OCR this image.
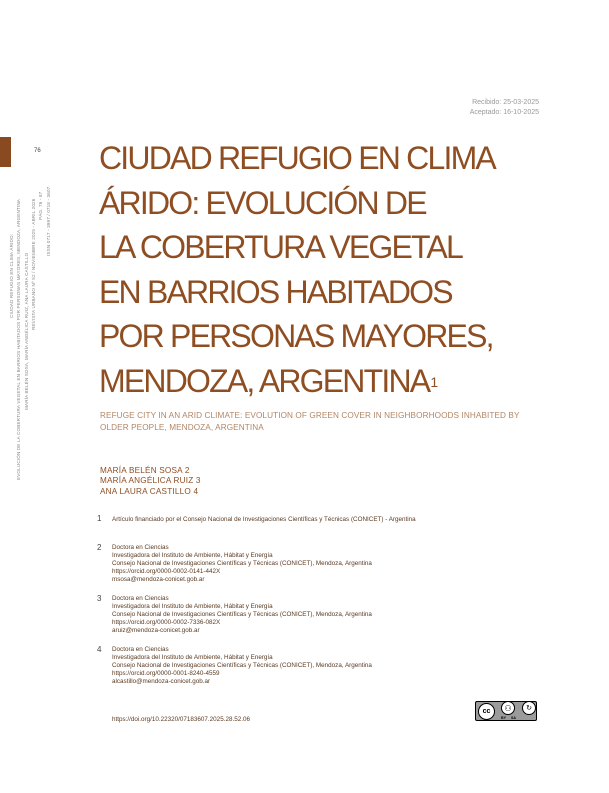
76
CIUDAD REFUGIO EN CLIMA ÁRIDO: EVOLUCIÓN DE LA COBERTURA VEGETAL EN BARRIOS HABITADOS POR PERSONAS MAYORES, MENDOZA, ARGENTINA MARÍA BELÉN SOSA, MARÍA ANGÉLICA RUIZ, ANA LAURA CASTILLO REVISTA URBANO Nº 52 / NOVIEMBRE 2025 - ABRIL 2026 PÁG. 76 - 87 ISSN 0717 - 3997 / 0718 - 3607
Recibido: 25-03-2025
Aceptado: 16-10-2025
CIUDAD REFUGIO EN CLIMA
ÁRIDO: EVOLUCIÓN DE
LA COBERTURA VEGETAL
EN BARRIOS HABITADOS
POR PERSONAS MAYORES,
MENDOZA, ARGENTINA$^1$
REFUGE CITY IN AN ARID CLIMATE: EVOLUTION OF GREEN COVER IN NEIGHBORHOODS INHABITED BY OLDER PEOPLE, MENDOZA, ARGENTINA
MARÍA BELÉN SOSA 2
MARÍA ANGÉLICA RUIZ 3
ANA LAURA CASTILLO 4
1	Artículo financiado por el Consejo Nacional de Investigaciones Científicas y Técnicas (CONICET) - Argentina
2	Doctora en Ciencias
Investigadora del Instituto de Ambiente, Hábitat y Energía
Consejo Nacional de Investigaciones Científicas y Técnicas (CONICET), Mendoza, Argentina
https://orcid.org/0000-0002-0141-442X
msosa@mendoza-conicet.gob.ar
3	Doctora en Ciencias
Investigadora del Instituto de Ambiente, Hábitat y Energía
Consejo Nacional de Investigaciones Científicas y Técnicas (CONICET), Mendoza, Argentina
https://orcid.org/0000-0002-7336-082X
aruiz@mendoza-conicet.gob.ar
4	Doctora en Ciencias
Investigadora del Instituto de Ambiente, Hábitat y Energía
Consejo Nacional de Investigaciones Científicas y Técnicas (CONICET), Mendoza, Argentina
https://orcid.org/0000-0001-8240-4559
alcastillo@mendoza-conicet.gob.ar
https://doi.org/10.22320/07183607.2025.28.52.06
cc	⚇	↻
BY SA
